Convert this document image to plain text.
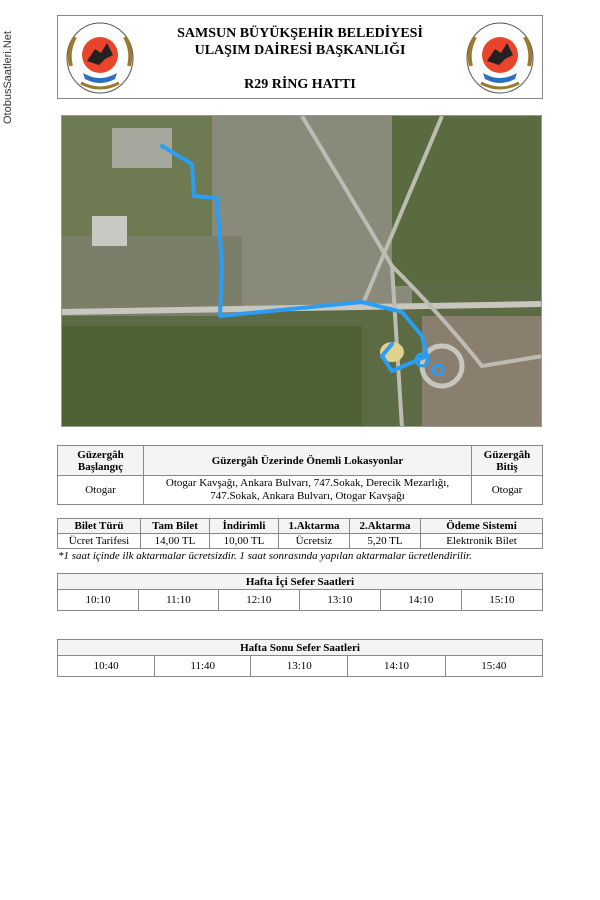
OtobusSaatleri.Net	SAMSUN BÜYÜKŞEHİR BELEDİYESİ
ULAŞIM DAİRESİ BAŞKANLIĞI
R29 RİNG HATTI
Güzergâh Başlangıç	Güzergâh Üzerinde Önemli Lokasyonlar	Güzergâh Bitiş
Otogar	Otogar Kavşağı, Ankara Bulvarı, 747.Sokak, Derecik Mezarlığı,
747.Sokak, Ankara Bulvarı, Otogar Kavşağı	Otogar
Bilet Türü	Tam Bilet	İndirimli	1.Aktarma	2.Aktarma	Ödeme Sistemi
Ücret Tarifesi	14,00 TL	10,00 TL	Ücretsiz	5,20 TL	Elektronik Bilet
*1 saat içinde ilk aktarmalar ücretsizdir. 1 saat sonrasında yapılan aktarmalar ücretlendirilir.
Hafta İçi Sefer Saatleri
10:10	11:10	12:10	13:10	14:10	15:10
Hafta Sonu Sefer Saatleri
10:40	11:40	13:10	14:10	15:40
